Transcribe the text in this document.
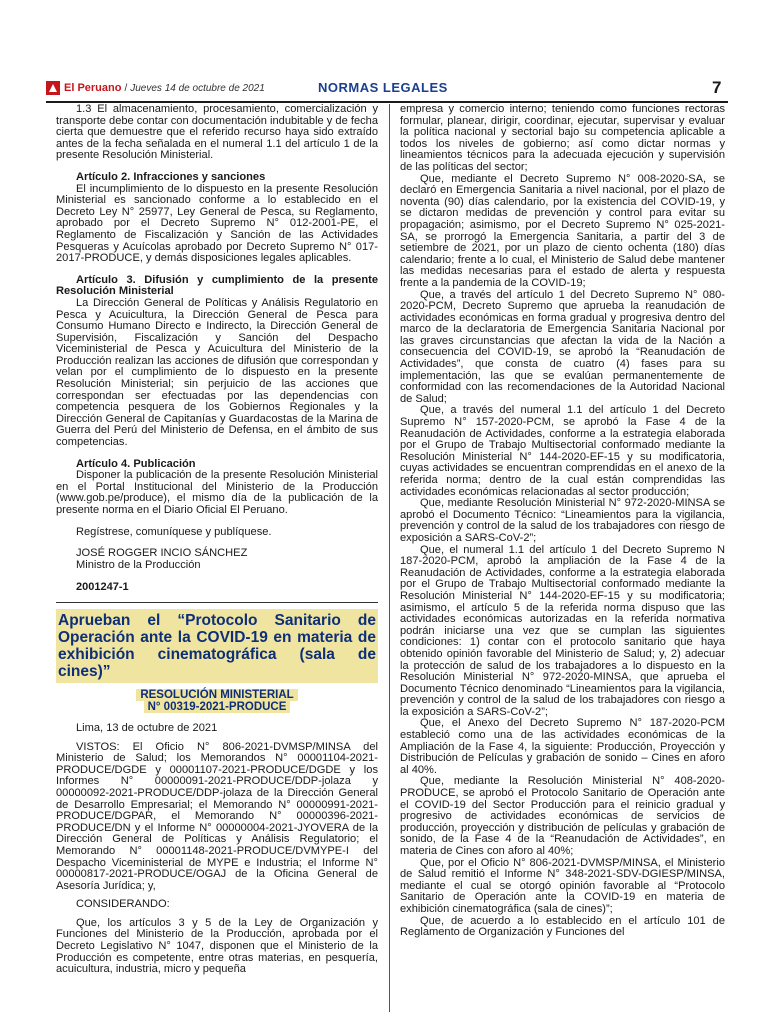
El Peruano / Jueves 14 de octubre de 2021	NORMAS LEGALES	7

1.3 El almacenamiento, procesamiento, comercialización y transporte debe contar con documentación indubitable y de fecha cierta que demuestre que el referido recurso haya sido extraído antes de la fecha señalada en el numeral 1.1 del artículo 1 de la presente Resolución Ministerial.

Artículo 2. Infracciones y sanciones

El incumplimiento de lo dispuesto en la presente Resolución Ministerial es sancionado conforme a lo establecido en el Decreto Ley N° 25977, Ley General de Pesca, su Reglamento, aprobado por el Decreto Supremo N° 012-2001-PE, el Reglamento de Fiscalización y Sanción de las Actividades Pesqueras y Acuícolas aprobado por Decreto Supremo N° 017-2017-PRODUCE, y demás disposiciones legales aplicables.

Artículo 3. Difusión y cumplimiento de la presente Resolución Ministerial

La Dirección General de Políticas y Análisis Regulatorio en Pesca y Acuicultura, la Dirección General de Pesca para Consumo Humano Directo e Indirecto, la Dirección General de Supervisión, Fiscalización y Sanción del Despacho Viceministerial de Pesca y Acuicultura del Ministerio de la Producción realizan las acciones de difusión que correspondan y velan por el cumplimiento de lo dispuesto en la presente Resolución Ministerial; sin perjuicio de las acciones que correspondan ser efectuadas por las dependencias con competencia pesquera de los Gobiernos Regionales y la Dirección General de Capitanías y Guardacostas de la Marina de Guerra del Perú del Ministerio de Defensa, en el ámbito de sus competencias.

Artículo 4. Publicación

Disponer la publicación de la presente Resolución Ministerial en el Portal Institucional del Ministerio de la Producción (www.gob.pe/produce), el mismo día de la publicación de la presente norma en el Diario Oficial El Peruano.

Regístrese, comuníquese y publíquese.

JOSÉ ROGGER INCIO SÁNCHEZ

Ministro de la Producción

2001247-1
Aprueban el “Protocolo Sanitario de Operación ante la COVID-19 en materia de exhibición cinematográfica (sala de cines)”
RESOLUCIÓN MINISTERIAL
N° 00319-2021-PRODUCE

Lima, 13 de octubre de 2021

VISTOS: El Oficio N° 806-2021-DVMSP/MINSA del Ministerio de Salud; los Memorandos N° 00001104-2021-PRODUCE/DGDE y 00001107-2021-PRODUCE/DGDE y los Informes N° 00000091-2021-PRODUCE/DDP-jolaza y 00000092-2021-PRODUCE/DDP-jolaza de la Dirección General de Desarrollo Empresarial; el Memorando N° 00000991-2021-PRODUCE/DGPAR, el Memorando N° 00000396-2021-PRODUCE/DN y el Informe N° 00000004-2021-JYOVERA de la Dirección General de Políticas y Análisis Regulatorio; el Memorando N° 00001148-2021-PRODUCE/DVMYPE-I del Despacho Viceministerial de MYPE e Industria; el Informe N° 00000817-2021-PRODUCE/OGAJ de la Oficina General de Asesoría Jurídica; y,

CONSIDERANDO:

Que, los artículos 3 y 5 de la Ley de Organización y Funciones del Ministerio de la Producción, aprobada por el Decreto Legislativo N° 1047, disponen que el Ministerio de la Producción es competente, entre otras materias, en pesquería, acuicultura, industria, micro y pequeña

empresa y comercio interno; teniendo como funciones rectoras formular, planear, dirigir, coordinar, ejecutar, supervisar y evaluar la política nacional y sectorial bajo su competencia aplicable a todos los niveles de gobierno; así como dictar normas y lineamientos técnicos para la adecuada ejecución y supervisión de las políticas del sector;

Que, mediante el Decreto Supremo N° 008-2020-SA, se declaró en Emergencia Sanitaria a nivel nacional, por el plazo de noventa (90) días calendario, por la existencia del COVID-19, y se dictaron medidas de prevención y control para evitar su propagación; asimismo, por el Decreto Supremo N° 025-2021-SA, se prorrogó la Emergencia Sanitaria, a partir del 3 de setiembre de 2021, por un plazo de ciento ochenta (180) días calendario; frente a lo cual, el Ministerio de Salud debe mantener las medidas necesarias para el estado de alerta y respuesta frente a la pandemia de la COVID-19;

Que, a través del artículo 1 del Decreto Supremo N° 080-2020-PCM, Decreto Supremo que aprueba la reanudación de actividades económicas en forma gradual y progresiva dentro del marco de la declaratoria de Emergencia Sanitaria Nacional por las graves circunstancias que afectan la vida de la Nación a consecuencia del COVID-19, se aprobó la “Reanudación de Actividades”, que consta de cuatro (4) fases para su implementación, las que se evalúan permanentemente de conformidad con las recomendaciones de la Autoridad Nacional de Salud;

Que, a través del numeral 1.1 del artículo 1 del Decreto Supremo N° 157-2020-PCM, se aprobó la Fase 4 de la Reanudación de Actividades, conforme a la estrategia elaborada por el Grupo de Trabajo Multisectorial conformado mediante la Resolución Ministerial N° 144-2020-EF-15 y su modificatoria, cuyas actividades se encuentran comprendidas en el anexo de la referida norma; dentro de la cual están comprendidas las actividades económicas relacionadas al sector producción;

Que, mediante Resolución Ministerial N° 972-2020-MINSA se aprobó el Documento Técnico: “Lineamientos para la vigilancia, prevención y control de la salud de los trabajadores con riesgo de exposición a SARS-CoV-2”;

Que, el numeral 1.1 del artículo 1 del Decreto Supremo N 187-2020-PCM, aprobó la ampliación de la Fase 4 de la Reanudación de Actividades, conforme a la estrategia elaborada por el Grupo de Trabajo Multisectorial conformado mediante la Resolución Ministerial N° 144-2020-EF-15 y su modificatoria; asimismo, el artículo 5 de la referida norma dispuso que las actividades económicas autorizadas en la referida normativa podrán iniciarse una vez que se cumplan las siguientes condiciones: 1) contar con el protocolo sanitario que haya obtenido opinión favorable del Ministerio de Salud; y, 2) adecuar la protección de salud de los trabajadores a lo dispuesto en la Resolución Ministerial N° 972-2020-MINSA, que aprueba el Documento Técnico denominado “Lineamientos para la vigilancia, prevención y control de la salud de los trabajadores con riesgo a la exposición a SARS-CoV-2”;

Que, el Anexo del Decreto Supremo N° 187-2020-PCM estableció como una de las actividades económicas de la Ampliación de la Fase 4, la siguiente: Producción, Proyección y Distribución de Películas y grabación de sonido – Cines en aforo al 40%.

Que, mediante la Resolución Ministerial N° 408-2020-PRODUCE, se aprobó el Protocolo Sanitario de Operación ante el COVID-19 del Sector Producción para el reinicio gradual y progresivo de actividades económicas de servicios de producción, proyección y distribución de películas y grabación de sonido, de la Fase 4 de la “Reanudación de Actividades”, en materia de Cines con aforo al 40%;

Que, por el Oficio N° 806-2021-DVMSP/MINSA, el Ministerio de Salud remitió el Informe N° 348-2021-SDV-DGIESP/MINSA, mediante el cual se otorgó opinión favorable al “Protocolo Sanitario de Operación ante la COVID-19 en materia de exhibición cinematográfica (sala de cines)”;

Que, de acuerdo a lo establecido en el artículo 101 de Reglamento de Organización y Funciones del
